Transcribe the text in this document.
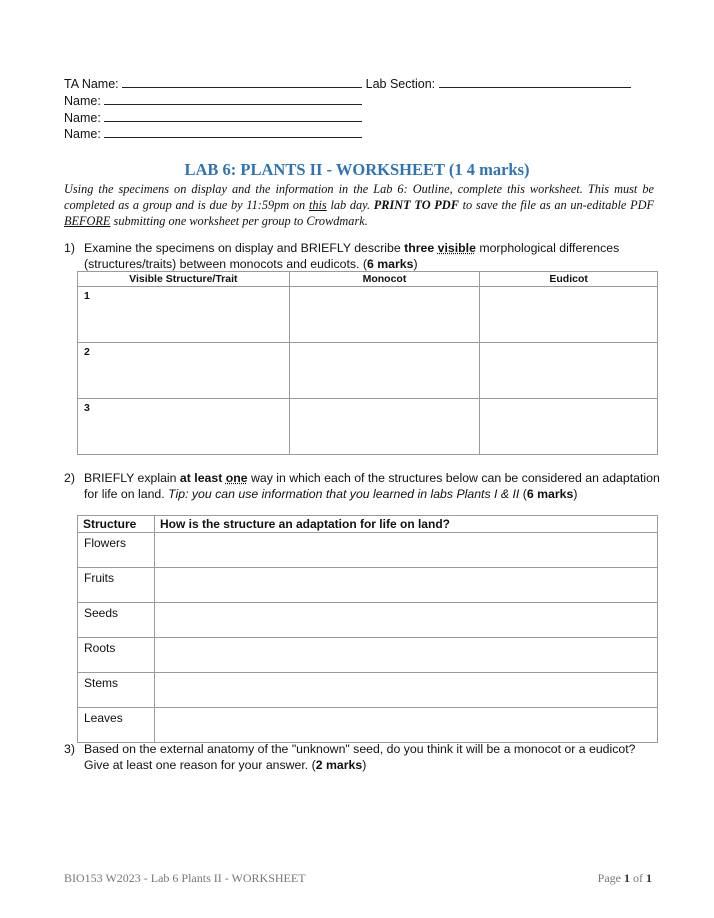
TA Name:	Lab Section:
Name:
Name:
Name:
LAB 6: PLANTS II - WORKSHEET (1 4 marks)
Using the specimens on display and the information in the Lab 6: Outline, complete this worksheet. This must be completed as a group and is due by 11:59pm on this lab day. PRINT TO PDF to save the file as an un-editable PDF BEFORE submitting one worksheet per group to Crowdmark.
1) Examine the specimens on display and BRIEFLY describe three visible morphological differences (structures/traits) between monocots and eudicots. (6 marks)
Visible Structure/Trait	Monocot	Eudicot

1		

2		

3		

2) BRIEFLY explain at least one way in which each of the structures below can be considered an adaptation for life on land. Tip: you can use information that you learned in labs Plants I & II (6 marks)
Structure	How is the structure an adaptation for life on land?
Flowers	
Fruits	
Seeds	
Roots	
Stems	
Leaves	
3) Based on the external anatomy of the "unknown" seed, do you think it will be a monocot or a eudicot? Give at least one reason for your answer. (2 marks)
BIO153 W2023 - Lab 6 Plants II - WORKSHEET	Page 1 of 1
